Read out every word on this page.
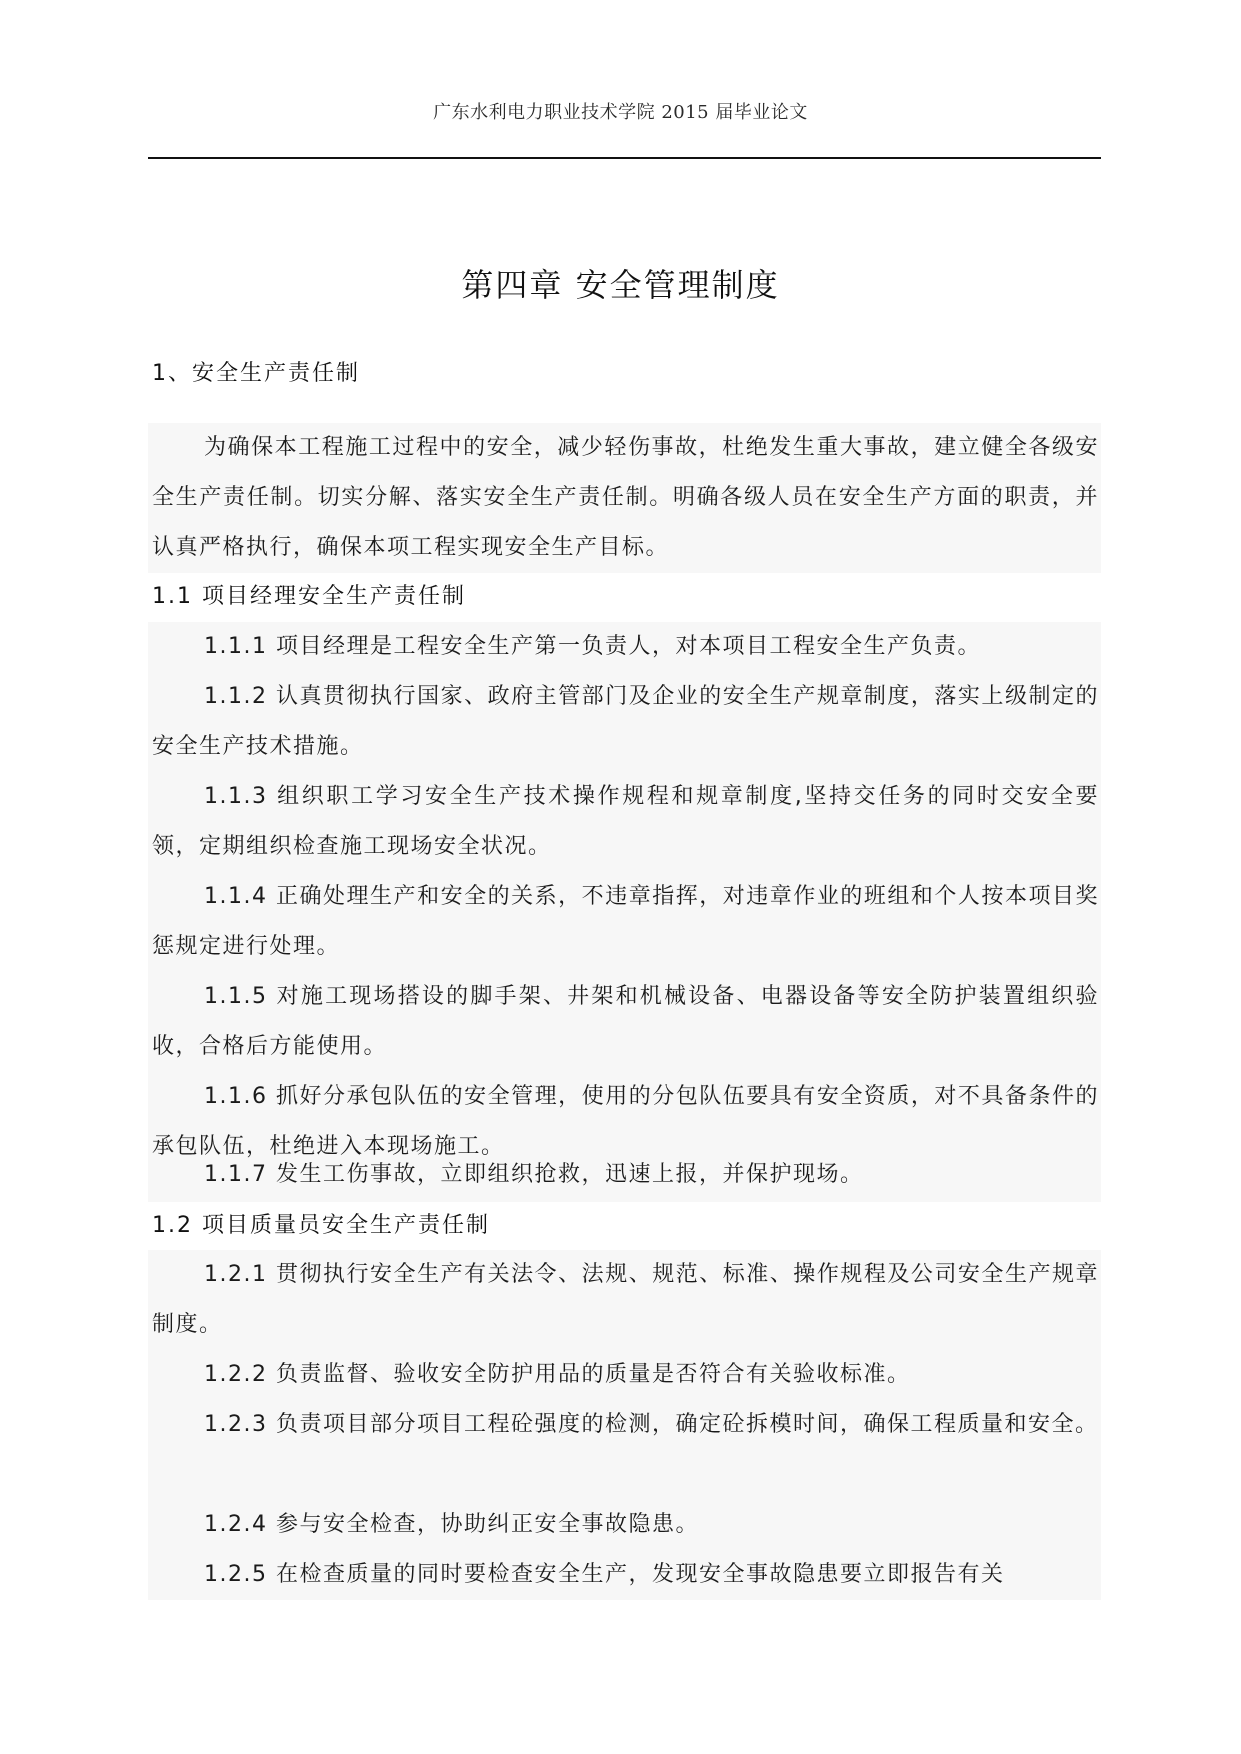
广东水利电力职业技术学院 2015 届毕业论文
第四章 安全管理制度
1、安全生产责任制

为确保本工程施工过程中的安全，减少轻伤事故，杜绝发生重大事故，建立健全各级安全生产责任制。切实分解、落实安全生产责任制。明确各级人员在安全生产方面的职责，并认真严格执行，确保本项工程实现安全生产目标。

1.1 项目经理安全生产责任制

1.1.1 项目经理是工程安全生产第一负责人，对本项目工程安全生产负责。

1.1.2 认真贯彻执行国家、政府主管部门及企业的安全生产规章制度，落实上级制定的安全生产技术措施。

1.1.3 组织职工学习安全生产技术操作规程和规章制度,坚持交任务的同时交安全要领，定期组织检查施工现场安全状况。

1.1.4 正确处理生产和安全的关系，不违章指挥，对违章作业的班组和个人按本项目奖惩规定进行处理。

1.1.5 对施工现场搭设的脚手架、井架和机械设备、电器设备等安全防护装置组织验收，合格后方能使用。

1.1.6 抓好分承包队伍的安全管理，使用的分包队伍要具有安全资质，对不具备条件的承包队伍，杜绝进入本现场施工。

1.1.7 发生工伤事故，立即组织抢救，迅速上报，并保护现场。

1.2 项目质量员安全生产责任制

1.2.1 贯彻执行安全生产有关法令、法规、规范、标准、操作规程及公司安全生产规章制度。

1.2.2 负责监督、验收安全防护用品的质量是否符合有关验收标准。

1.2.3 负责项目部分项目工程砼强度的检测，确定砼拆模时间，确保工程质量和安全。

1.2.4 参与安全检查，协助纠正安全事故隐患。

1.2.5 在检查质量的同时要检查安全生产，发现安全事故隐患要立即报告有关
